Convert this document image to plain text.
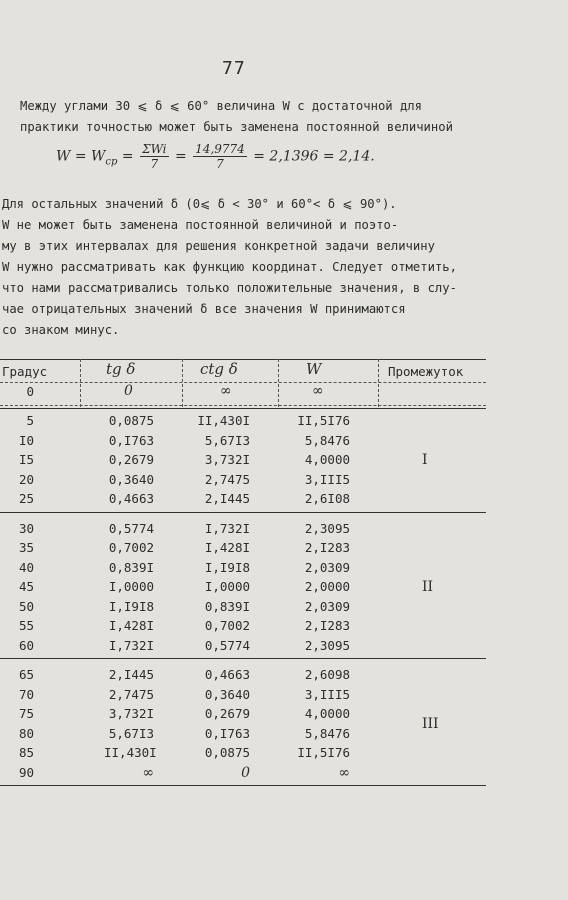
77
Между углами 30 ⩽ δ ⩽ 60° величина W с достаточной для
практики точностью может быть заменена постоянной величиной
$W = W_{ср} = \frac{\text{ΣWi}}{7} = \frac{14,9774}{7} = 2,1396 = 2,14$.
Для остальных значений δ (0⩽ δ < 30° и 60°< δ ⩽ 90°).
W не может быть заменена постоянной величиной и поэто-
му в этих интервалах для решения конкретной задачи величину
W нужно рассматривать как функцию координат. Следует отметить,
что нами рассматривались только положительные значения, в слу-
чае отрицательных значений δ все значения W принимаются
со знаком минус.
Градус	tg δ	ctg δ	W	Промежуток
0	0	∞	∞
5	0,0875	II,430I	II,5I76
I0	0,I763	5,67I3	5,8476
I5	0,2679	3,732I	4,0000
20	0,3640	2,7475	3,III5
25	0,4663	2,I445	2,6I08
I
30	0,5774	I,732I	2,3095
35	0,7002	I,428I	2,I283
40	0,839I	I,I9I8	2,0309
45	I,0000	I,0000	2,0000
50	I,I9I8	0,839I	2,0309
55	I,428I	0,7002	2,I283
60	I,732I	0,5774	2,3095
II
65	2,I445	0,4663	2,6098
70	2,7475	0,3640	3,III5
75	3,732I	0,2679	4,0000
80	5,67I3	0,I763	5,8476
85	II,430I	0,0875	II,5I76
90	∞	0	∞
III
